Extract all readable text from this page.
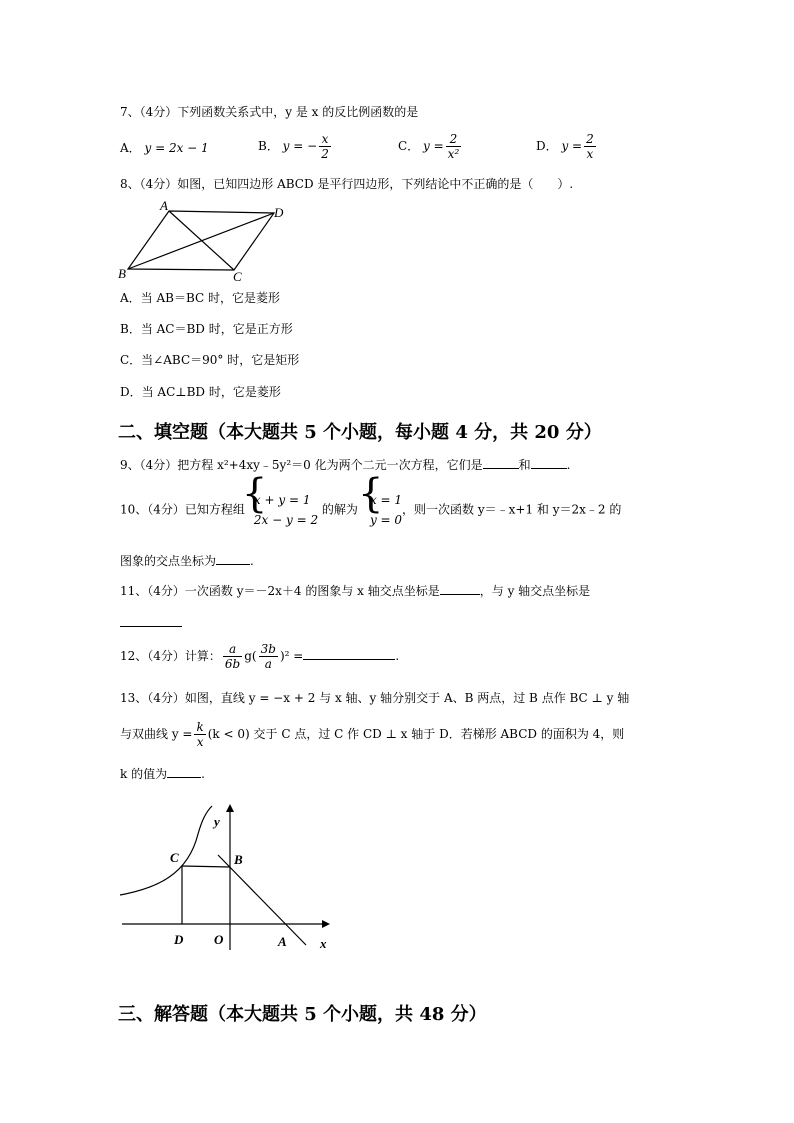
7、（4分）下列函数关系式中，y 是 x 的反比例函数的是
A． y = 2x − 1	B． y = − $\frac{x}{2}$	C． $y = \frac{2}{\text{x²}}$	D． $y = \frac{2}{x}$
8、（4分）如图，已知四边形 ABCD 是平行四边形，下列结论中不正确的是（　　）.
A	D
B	C
A．当 AB＝BC 时，它是菱形
B．当 AC＝BD 时，它是正方形
C．当∠ABC＝90° 时，它是矩形
D．当 AC⊥BD 时，它是菱形
二、填空题（本大题共 5 个小题，每小题 4 分，共 20 分）
9、（4分）把方程 x²+4xy﹣5y²＝0 化为两个二元一次方程，它们是	和	.
10、（4分）已知方程组
{ x + y = 1
2x − y = 2
的解为
{ x = 1
y = 0
，则一次函数 y＝﹣x+1 和 y＝2x﹣2 的
图象的交点坐标为	.
11、（4分）一次函数 y＝－2x＋4 的图象与 x 轴交点坐标是	，与 y 轴交点坐标是
12、（4分）计算： $\frac{a}{6b} g( \frac{3b}{a} )^2$ =	.
13、（4分）如图，直线 y = −x + 2 与 x 轴、y 轴分别交于 A、B 两点，过 B 点作 BC ⊥ y 轴
与双曲线 $y = \frac{k}{x} (k < 0)$ 交于 C 点，过 C 作 CD ⊥ x 轴于 D．若梯形 ABCD 的面积为 4，则
k 的值为	.
y
x
C	B
D O	A
三、解答题（本大题共 5 个小题，共 48 分）
